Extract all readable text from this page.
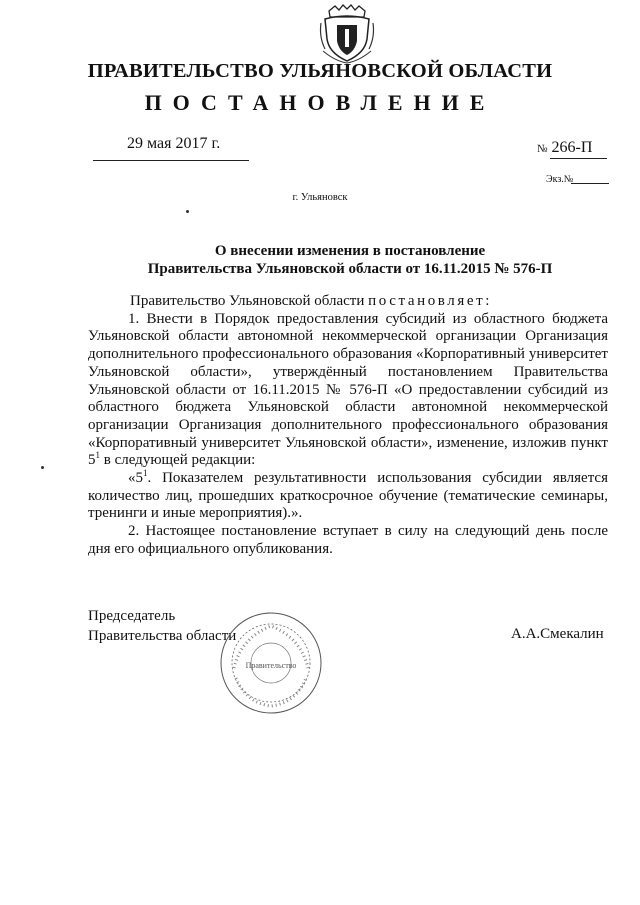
ПРАВИТЕЛЬСТВО УЛЬЯНОВСКОЙ ОБЛАСТИ
ПОСТАНОВЛЕНИЕ
29 мая 2017 г.	№ 266-П
Экз.№
г. Ульяновск
О внесении изменения в постановление
Правительства Ульяновской области от 16.11.2015 № 576-П

Правительство Ульяновской области постановляет:

1. Внести в Порядок предоставления субсидий из областного бюджета Ульяновской области автономной некоммерческой организации Организация дополнительного профессионального образования «Корпоративный университет Ульяновской области», утверждённый постановлением Правительства Ульяновской области от 16.11.2015 № 576-П «О предоставлении субсидий из областного бюджета Ульяновской области автономной некоммерческой организации Организация дополнительного профессионального образования «Корпоративный университет Ульяновской области», изменение, изложив пункт $5^1$ в следующей редакции:

«$5^1$. Показателем результативности использования субсидии является количество лиц, прошедших краткосрочное обучение (тематические семинары, тренинги и иные мероприятия).».

2. Настоящее постановление вступает в силу на следующий день после дня его официального опубликования.

Председатель
Правительства области	А.А.Смекалин
Правительство
